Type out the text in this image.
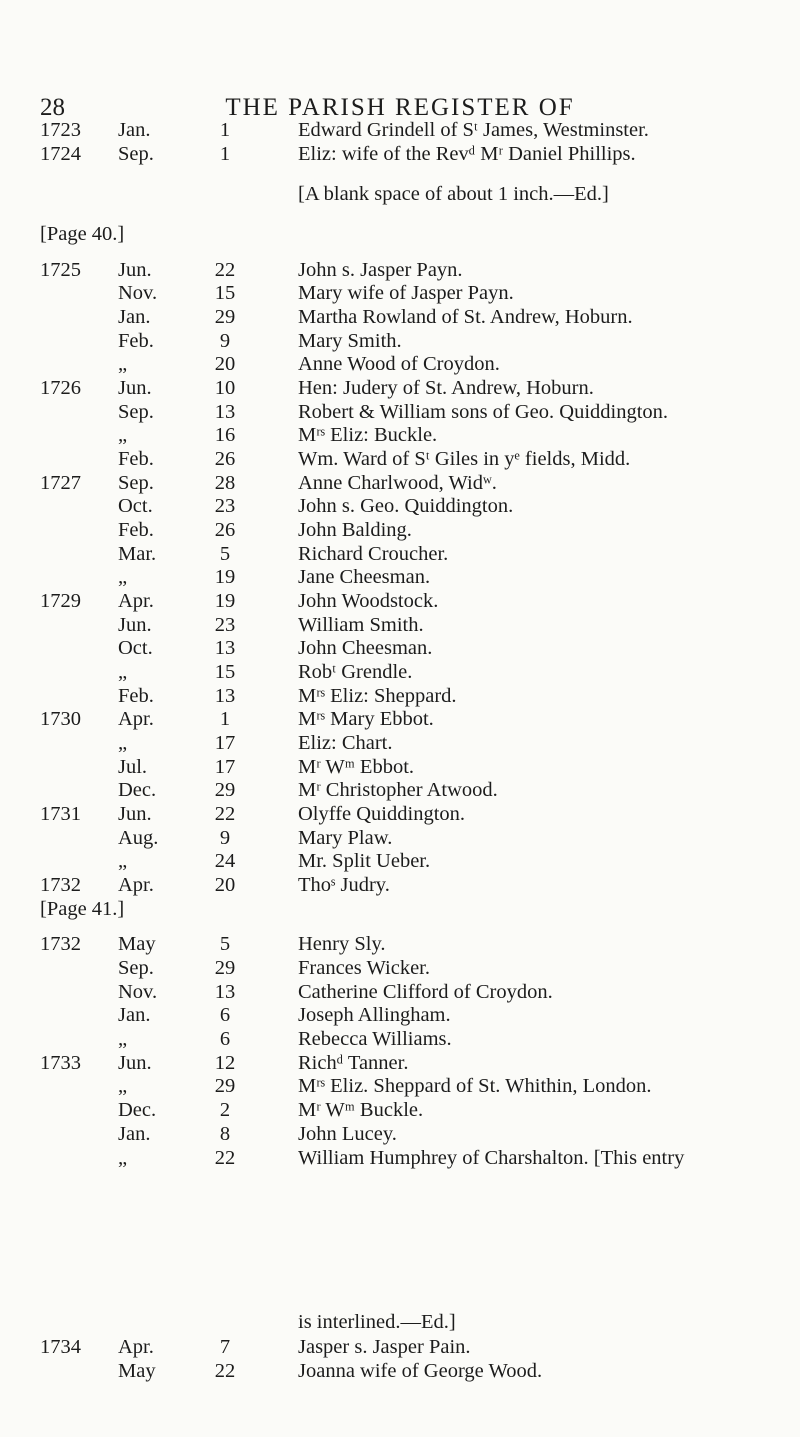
28	THE PARISH REGISTER OF
[A blank space of about 1 inch.—Ed.]
[Page 40.]
[Page 41.]
is interlined.—Ed.]
1723 Jan.	1	Edward Grindell of Sᵗ James, Westminster.
1724 Sep.	1	Eliz: wife of the Revᵈ Mʳ Daniel Phillips.
1725 Jun.	22	John s. Jasper Payn.
Nov.	15	Mary wife of Jasper Payn.
Jan.	29	Martha Rowland of St. Andrew, Hoburn.
Feb.	9	Mary Smith.
„	20	Anne Wood of Croydon.
1726 Jun.	10	Hen: Judery of St. Andrew, Hoburn.
Sep.	13	Robert & William sons of Geo. Quiddington.
„	16	Mʳˢ Eliz: Buckle.
Feb.	26	Wm. Ward of Sᵗ Giles in yᵉ fields, Midd.
1727 Sep.	28	Anne Charlwood, Widʷ.
Oct.	23	John s. Geo. Quiddington.
Feb.	26	John Balding.
Mar.	5	Richard Croucher.
„	19	Jane Cheesman.
1729 Apr.	19	John Woodstock.
Jun.	23	William Smith.
Oct.	13	John Cheesman.
„	15	Robᵗ Grendle.
Feb.	13	Mʳˢ Eliz: Sheppard.
1730 Apr.	1	Mʳˢ Mary Ebbot.
„	17	Eliz: Chart.
Jul.	17	Mʳ Wᵐ Ebbot.
Dec.	29	Mʳ Christopher Atwood.
1731 Jun.	22	Olyffe Quiddington.
Aug.	9	Mary Plaw.
„	24	Mr. Split Ueber.
1732 Apr.	20	Thoˢ Judry.
1732 May	5	Henry Sly.
Sep.	29	Frances Wicker.
Nov.	13	Catherine Clifford of Croydon.
Jan.	6	Joseph Allingham.
„	6	Rebecca Williams.
1733 Jun.	12	Richᵈ Tanner.
„	29	Mʳˢ Eliz. Sheppard of St. Whithin, London.
Dec.	2	Mʳ Wᵐ Buckle.
Jan.	8	John Lucey.
„	22	William Humphrey of Charshalton. [This entry
1734 Apr.	7	Jasper s. Jasper Pain.
May	22	Joanna wife of George Wood.
